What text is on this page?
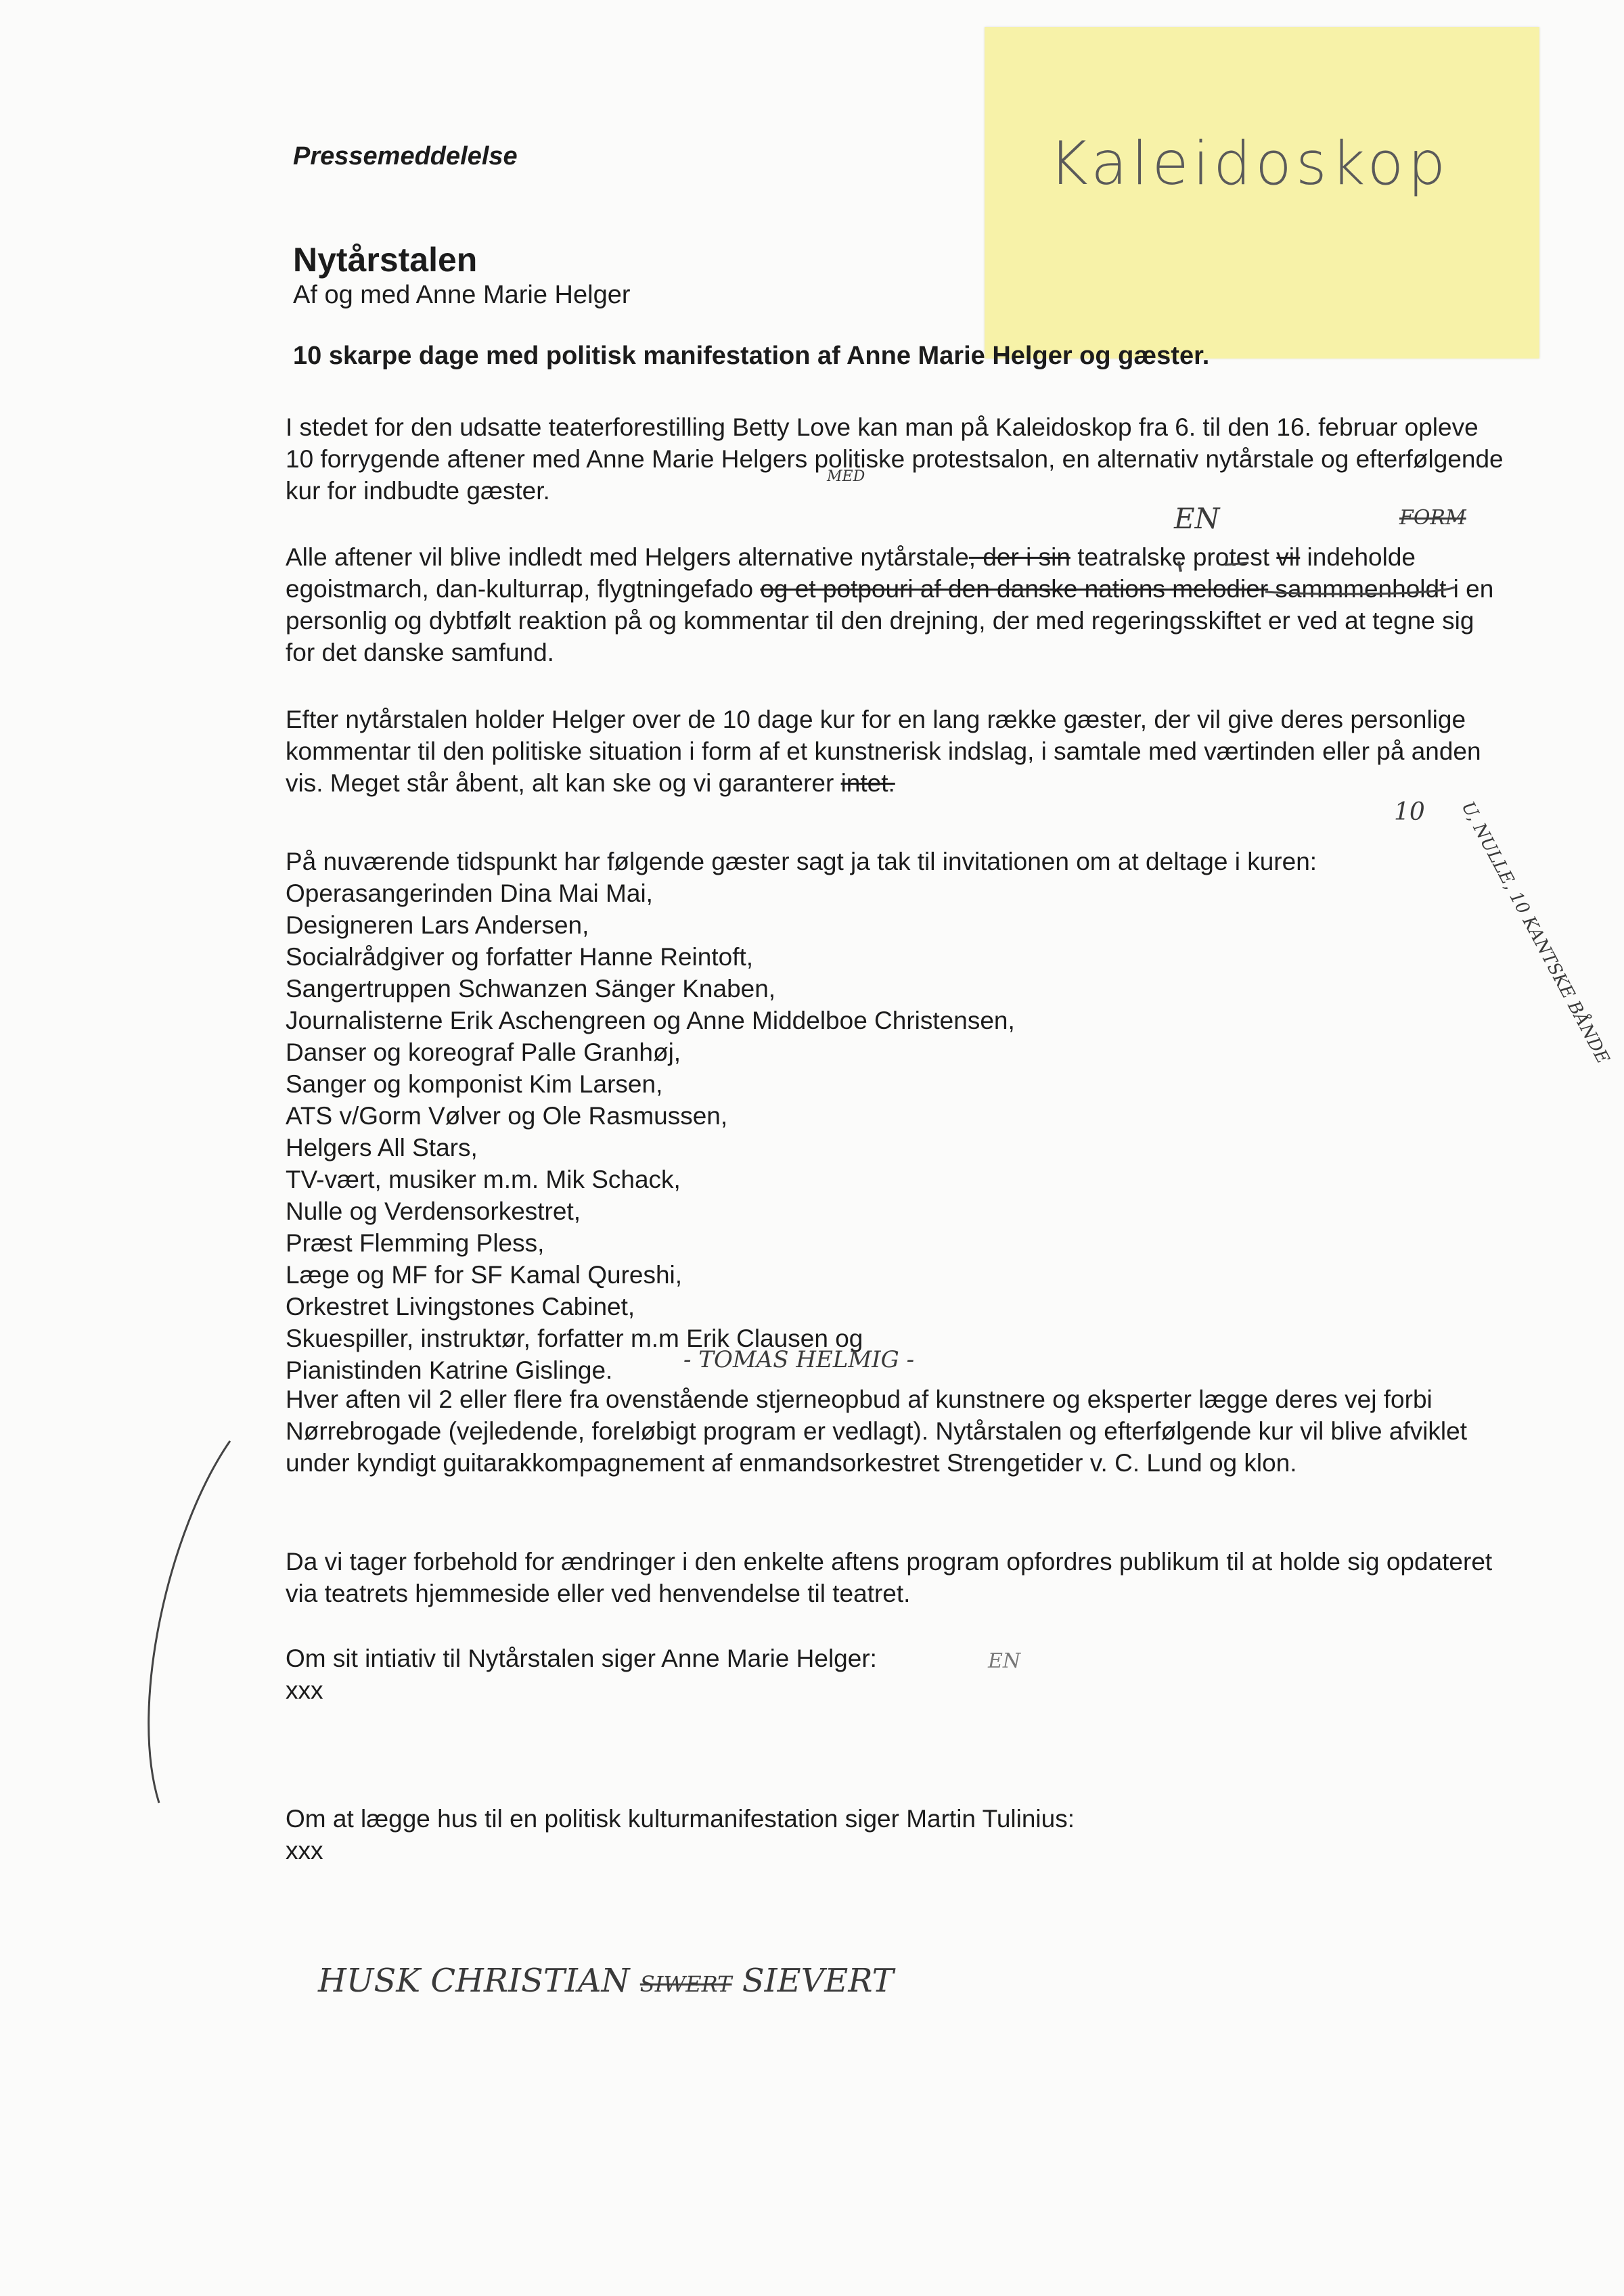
Kaleidoskop
Pressemeddelelse
Nytårstalen
Af og med Anne Marie Helger
10 skarpe dage med politisk manifestation af Anne Marie Helger og gæster.

I stedet for den udsatte teaterforestilling Betty Love kan man på Kaleidoskop fra 6. til den 16. februar opleve 10 forrygende aftener med Anne Marie Helgers politiske protestsalon, en alternativ nytårstale og efterfølgende kur for indbudte gæster.

Alle aftener vil blive indledt med Helgers alternative nytårstale, der i sin teatralske protest vil indeholde egoistmarch, dan-kulturrap, flygtningefado og et potpouri af den danske nations melodier sammmenholdt i en personlig og dybtfølt reaktion på og kommentar til den drejning, der med regeringsskiftet er ved at tegne sig for det danske samfund.

Efter nytårstalen holder Helger over de 10 dage kur for en lang række gæster, der vil give deres personlige kommentar til den politiske situation i form af et kunstnerisk indslag, i samtale med værtinden eller på anden vis. Meget står åbent, alt kan ske og vi garanterer intet.

På nuværende tidspunkt har følgende gæster sagt ja tak til invitationen om at deltage i kuren:
Operasangerinden Dina Mai Mai,
Designeren Lars Andersen,
Socialrådgiver og forfatter Hanne Reintoft,
Sangertruppen Schwanzen Sänger Knaben,
Journalisterne Erik Aschengreen og Anne Middelboe Christensen,
Danser og koreograf Palle Granhøj,
Sanger og komponist Kim Larsen,
ATS v/Gorm Vølver og Ole Rasmussen,
Helgers All Stars,
TV-vært, musiker m.m. Mik Schack,
Nulle og Verdensorkestret,
Præst Flemming Pless,
Læge og MF for SF Kamal Qureshi,
Orkestret Livingstones Cabinet,
Skuespiller, instruktør, forfatter m.m Erik Clausen og
Pianistinden Katrine Gislinge.

Hver aften vil 2 eller flere fra ovenstående stjerneopbud af kunstnere og eksperter lægge deres vej forbi Nørrebrogade (vejledende, foreløbigt program er vedlagt). Nytårstalen og efterfølgende kur vil blive afviklet under kyndigt guitarakkompagnement af enmandsorkestret Strengetider v. C. Lund og klon.

Da vi tager forbehold for ændringer i den enkelte aftens program opfordres publikum til at holde sig opdateret via teatrets hjemmeside eller ved henvendelse til teatret.

Om sit intiativ til Nytårstalen siger Anne Marie Helger:

xxx

Om at lægge hus til en politisk kulturmanifestation siger Martin Tulinius:

xxx

MED
EN	FORM
10 U, NULLE, 10 KANTSKE BÅNDE
- TOMAS HELMIG -
EN
HUSK CHRISTIAN SIWERT SIEVERT
